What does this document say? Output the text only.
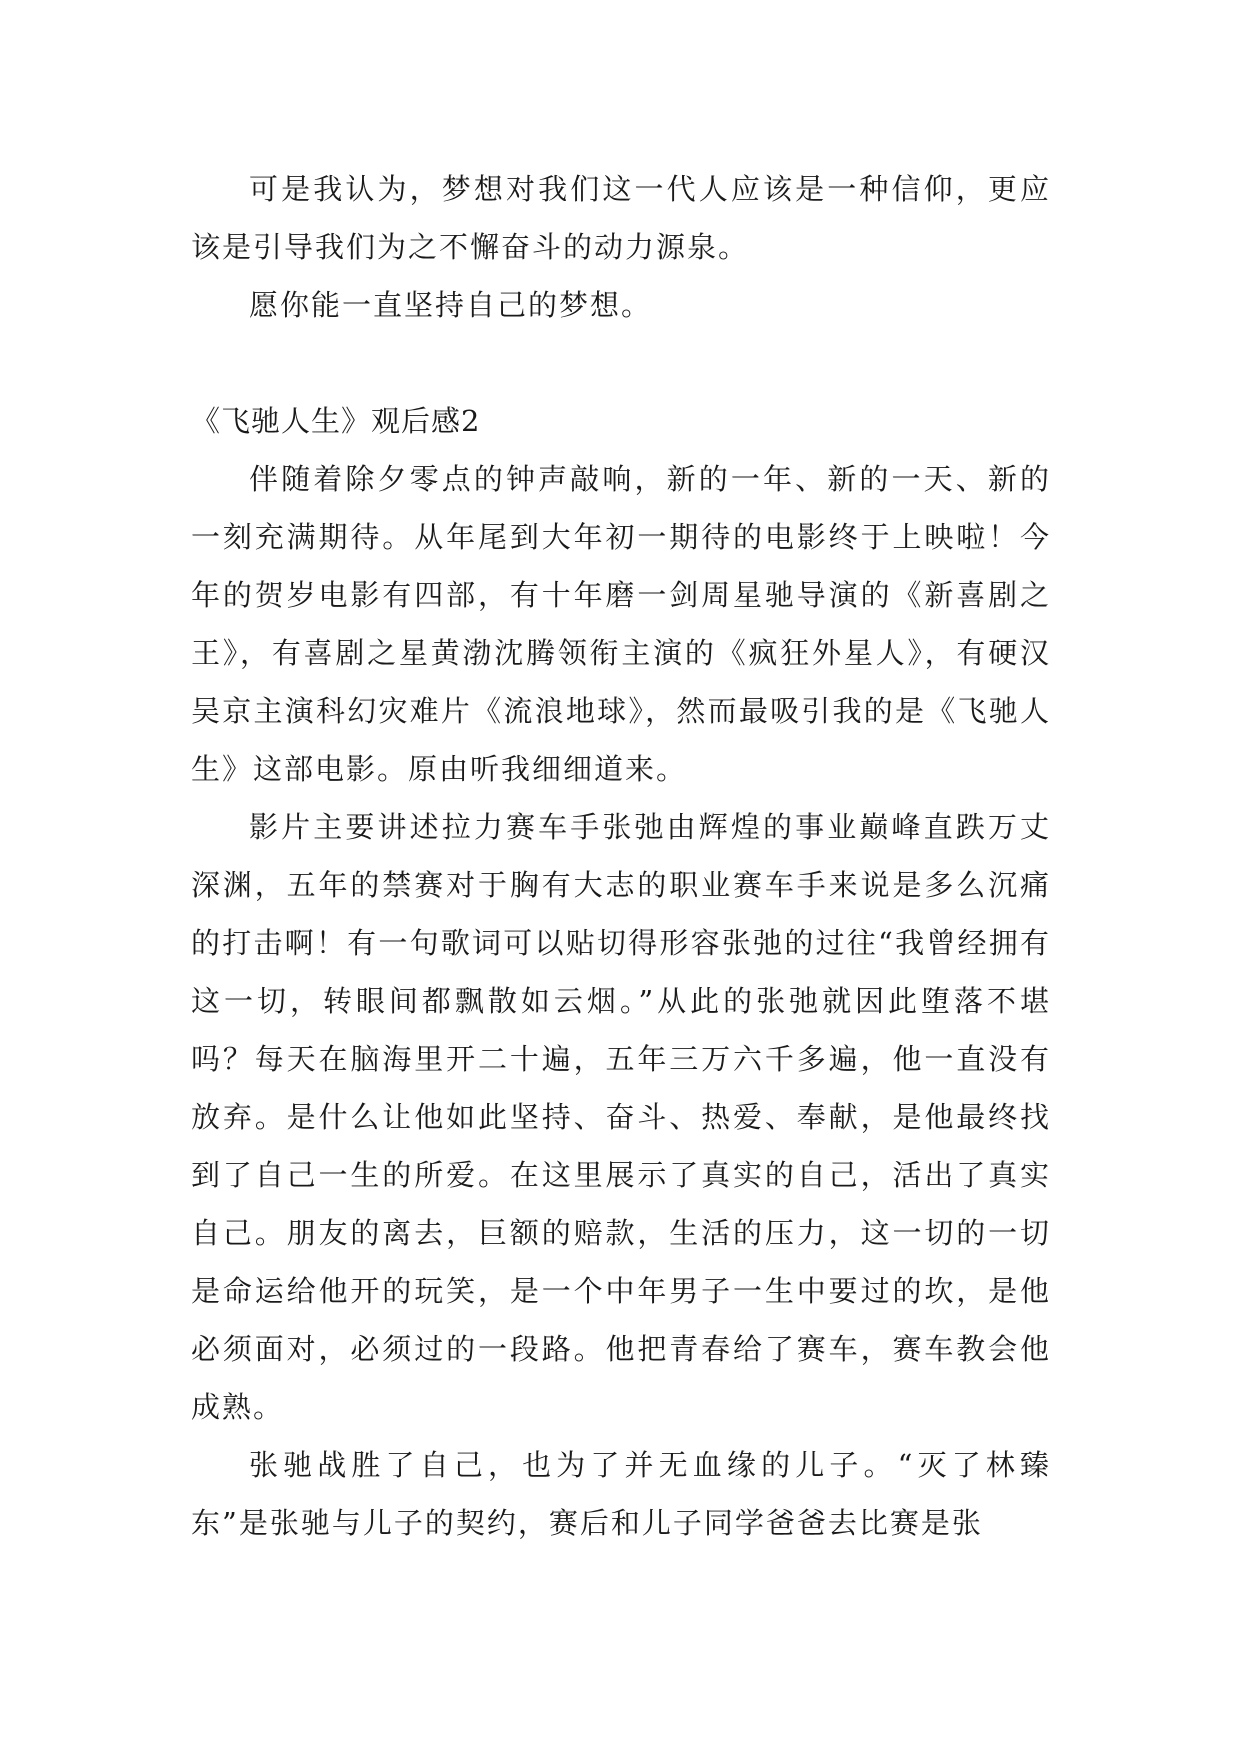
可是我认为，梦想对我们这一代人应该是一种信仰，更应该是引导我们为之不懈奋斗的动力源泉。

愿你能一直坚持自己的梦想。

《飞驰人生》观后感2

伴随着除夕零点的钟声敲响，新的一年、新的一天、新的一刻充满期待。从年尾到大年初一期待的电影终于上映啦！今年的贺岁电影有四部，有十年磨一剑周星驰导演的《新喜剧之王》，有喜剧之星黄渤沈腾领衔主演的《疯狂外星人》，有硬汉吴京主演科幻灾难片《流浪地球》，然而最吸引我的是《飞驰人生》这部电影。原由听我细细道来。

影片主要讲述拉力赛车手张弛由辉煌的事业巅峰直跌万丈深渊，五年的禁赛对于胸有大志的职业赛车手来说是多么沉痛的打击啊！有一句歌词可以贴切得形容张弛的过往“我曾经拥有这一切，转眼间都飘散如云烟。”从此的张弛就因此堕落不堪吗？每天在脑海里开二十遍，五年三万六千多遍，他一直没有放弃。是什么让他如此坚持、奋斗、热爱、奉献，是他最终找到了自己一生的所爱。在这里展示了真实的自己，活出了真实自己。朋友的离去，巨额的赔款，生活的压力，这一切的一切是命运给他开的玩笑，是一个中年男子一生中要过的坎，是他必须面对，必须过的一段路。他把青春给了赛车，赛车教会他成熟。

张驰战胜了自己，也为了并无血缘的儿子。“灭了林臻东”是张驰与儿子的契约，赛后和儿子同学爸爸去比赛是张
